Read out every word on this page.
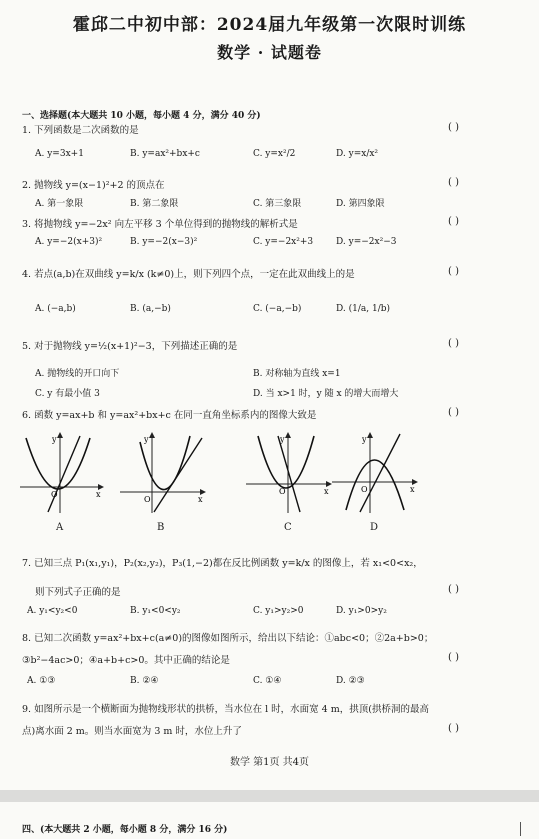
霍邱二中初中部：2024届九年级第一次限时训练
数学 · 试题卷
一、选择题(本大题共 10 小题，每小题 4 分，满分 40 分)
1. 下列函数是二次函数的是	( )
A. y=3x+1	B. y=ax²+bx+c	C. y=x²/2	D. y=x/x²
2. 抛物线 y=(x−1)²+2 的顶点在	( )
A. 第一象限	B. 第二象限	C. 第三象限	D. 第四象限
3. 将抛物线 y=−2x² 向左平移 3 个单位得到的抛物线的解析式是	( )
A. y=−2(x+3)²	B. y=−2(x−3)²	C. y=−2x²+3	D. y=−2x²−3
4. 若点(a,b)在双曲线 y=k/x (k≠0)上，则下列四个点，一定在此双曲线上的是	( )
A. (−a,b)	B. (a,−b)	C. (−a,−b)	D. (1/a, 1/b)
5. 对于抛物线 y=½(x+1)²−3，下列描述正确的是	( )
A. 抛物线的开口向下	B. 对称轴为直线 x=1
C. y 有最小值 3	D. 当 x>1 时，y 随 x 的增大而增大
6. 函数 y=ax+b 和 y=ax²+bx+c 在同一直角坐标系内的图像大致是	( )
y
x
O
y
x
O
y
x
O
y
x
O
A	B	C	D
7. 已知三点 P₁(x₁,y₁)，P₂(x₂,y₂)，P₃(1,−2)都在反比例函数 y=k/x 的图像上，若 x₁<0<x₂，
则下列式子正确的是	( )
A. y₁<y₂<0	B. y₁<0<y₂	C. y₁>y₂>0	D. y₁>0>y₂
8. 已知二次函数 y=ax²+bx+c(a≠0)的图像如图所示，给出以下结论：①abc<0；②2a+b>0；
③b²−4ac>0；④a+b+c>0。其中正确的结论是	( )
A. ①③	B. ②④	C. ①④	D. ②③
9. 如图所示是一个横断面为抛物线形状的拱桥，当水位在 l 时，水面宽 4 m，拱顶(拱桥洞的最高
点)离水面 2 m。则当水面宽为 3 m 时，水位上升了	( )
数学 第1页 共4页
四、(本大题共 2 小题，每小题 8 分，满分 16 分)
